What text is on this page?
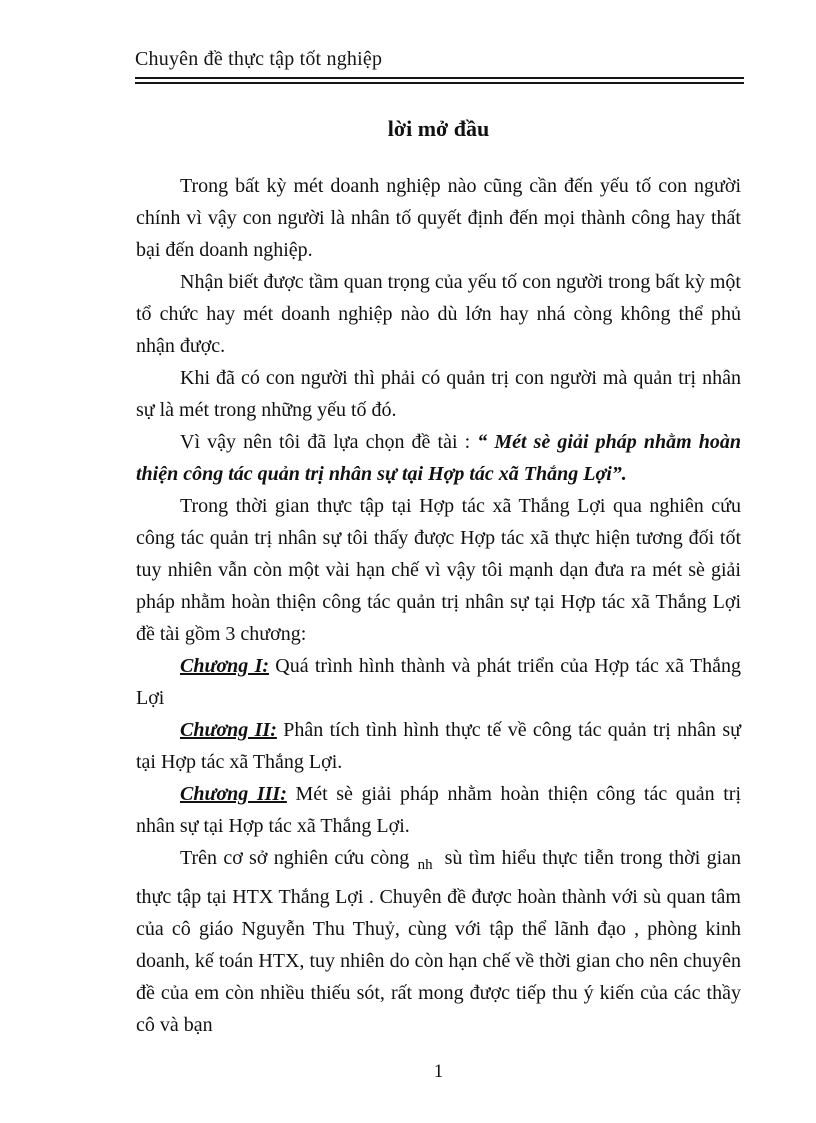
Chuyên đề thực tập tốt nghiệp
lời mở đầu

Trong bất kỳ mét doanh nghiệp nào cũng cần đến yếu tố con người chính vì vậy con người là nhân tố quyết định đến mọi thành công hay thất bại đến doanh nghiệp.

Nhận biết được tầm quan trọng của yếu tố con người trong bất kỳ một tổ chức hay mét doanh nghiệp nào dù lớn hay nhá còng không thể phủ nhận được.

Khi đã có con người thì phải có quản trị con người mà quản trị nhân sự là mét trong những yếu tố đó.

Vì vậy nên tôi đã lựa chọn đề tài : “ Mét sè giải pháp nhằm hoàn thiện công tác quản trị nhân sự tại Hợp tác xã Thắng Lợi”.

Trong thời gian thực tập tại Hợp tác xã Thắng Lợi qua nghiên cứu công tác quản trị nhân sự tôi thấy được Hợp tác xã thực hiện tương đối tốt tuy nhiên vẫn còn một vài hạn chế vì vậy tôi mạnh dạn đưa ra mét sè giải pháp nhằm hoàn thiện công tác quản trị nhân sự tại Hợp tác xã Thắng Lợi đề tài gồm 3 chương:

Chương I: Quá trình hình thành và phát triển của Hợp tác xã Thắng Lợi

Chương II: Phân tích tình hình thực tế về công tác quản trị nhân sự tại Hợp tác xã Thắng Lợi.

Chương III: Mét sè giải pháp nhằm hoàn thiện công tác quản trị nhân sự tại Hợp tác xã Thắng Lợi.

Trên cơ sở nghiên cứu còng $_{nh}$ sù tìm hiểu thực tiễn trong thời gian thực tập tại HTX Thắng Lợi . Chuyên đề được hoàn thành với sù quan tâm của cô giáo Nguyễn Thu Thuỷ, cùng với tập thể lãnh đạo , phòng kinh doanh, kế toán HTX, tuy nhiên do còn hạn chế về thời gian cho nên chuyên đề của em còn nhiều thiếu sót, rất mong được tiếp thu ý kiến của các thầy cô và bạn

1
